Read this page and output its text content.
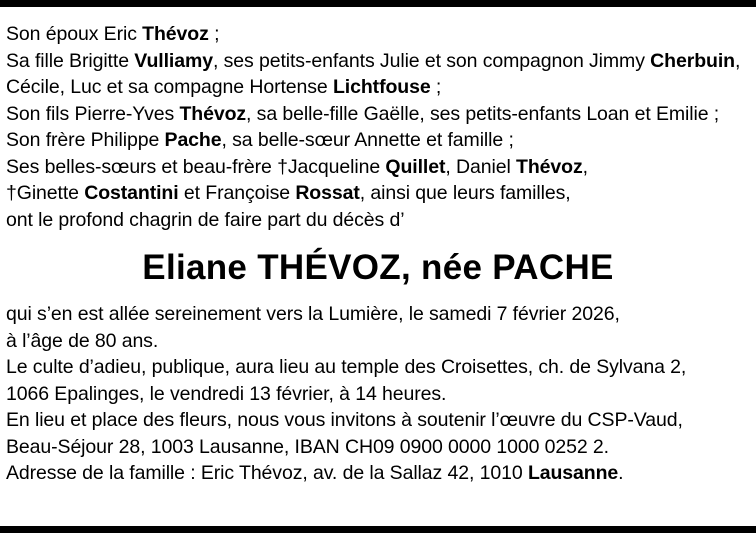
Son époux Eric Thévoz ;
Sa fille Brigitte Vulliamy, ses petits-enfants Julie et son compagnon Jimmy Cherbuin,
Cécile, Luc et sa compagne Hortense Lichtfouse ;
Son fils Pierre-Yves Thévoz, sa belle-fille Gaëlle, ses petits-enfants Loan et Emilie ;
Son frère Philippe Pache, sa belle-sœur Annette et famille ;
Ses belles-sœurs et beau-frère †Jacqueline Quillet, Daniel Thévoz,
†Ginette Costantini et Françoise Rossat, ainsi que leurs familles,
ont le profond chagrin de faire part du décès d’
Eliane THÉVOZ, née PACHE
qui s’en est allée sereinement vers la Lumière, le samedi 7 février 2026,
à l’âge de 80 ans.
Le culte d’adieu, publique, aura lieu au temple des Croisettes, ch. de Sylvana 2,
1066 Epalinges, le vendredi 13 février, à 14 heures.
En lieu et place des fleurs, nous vous invitons à soutenir l’œuvre du CSP-Vaud,
Beau-Séjour 28, 1003 Lausanne, IBAN CH09 0900 0000 1000 0252 2.
Adresse de la famille : Eric Thévoz, av. de la Sallaz 42, 1010 Lausanne.
